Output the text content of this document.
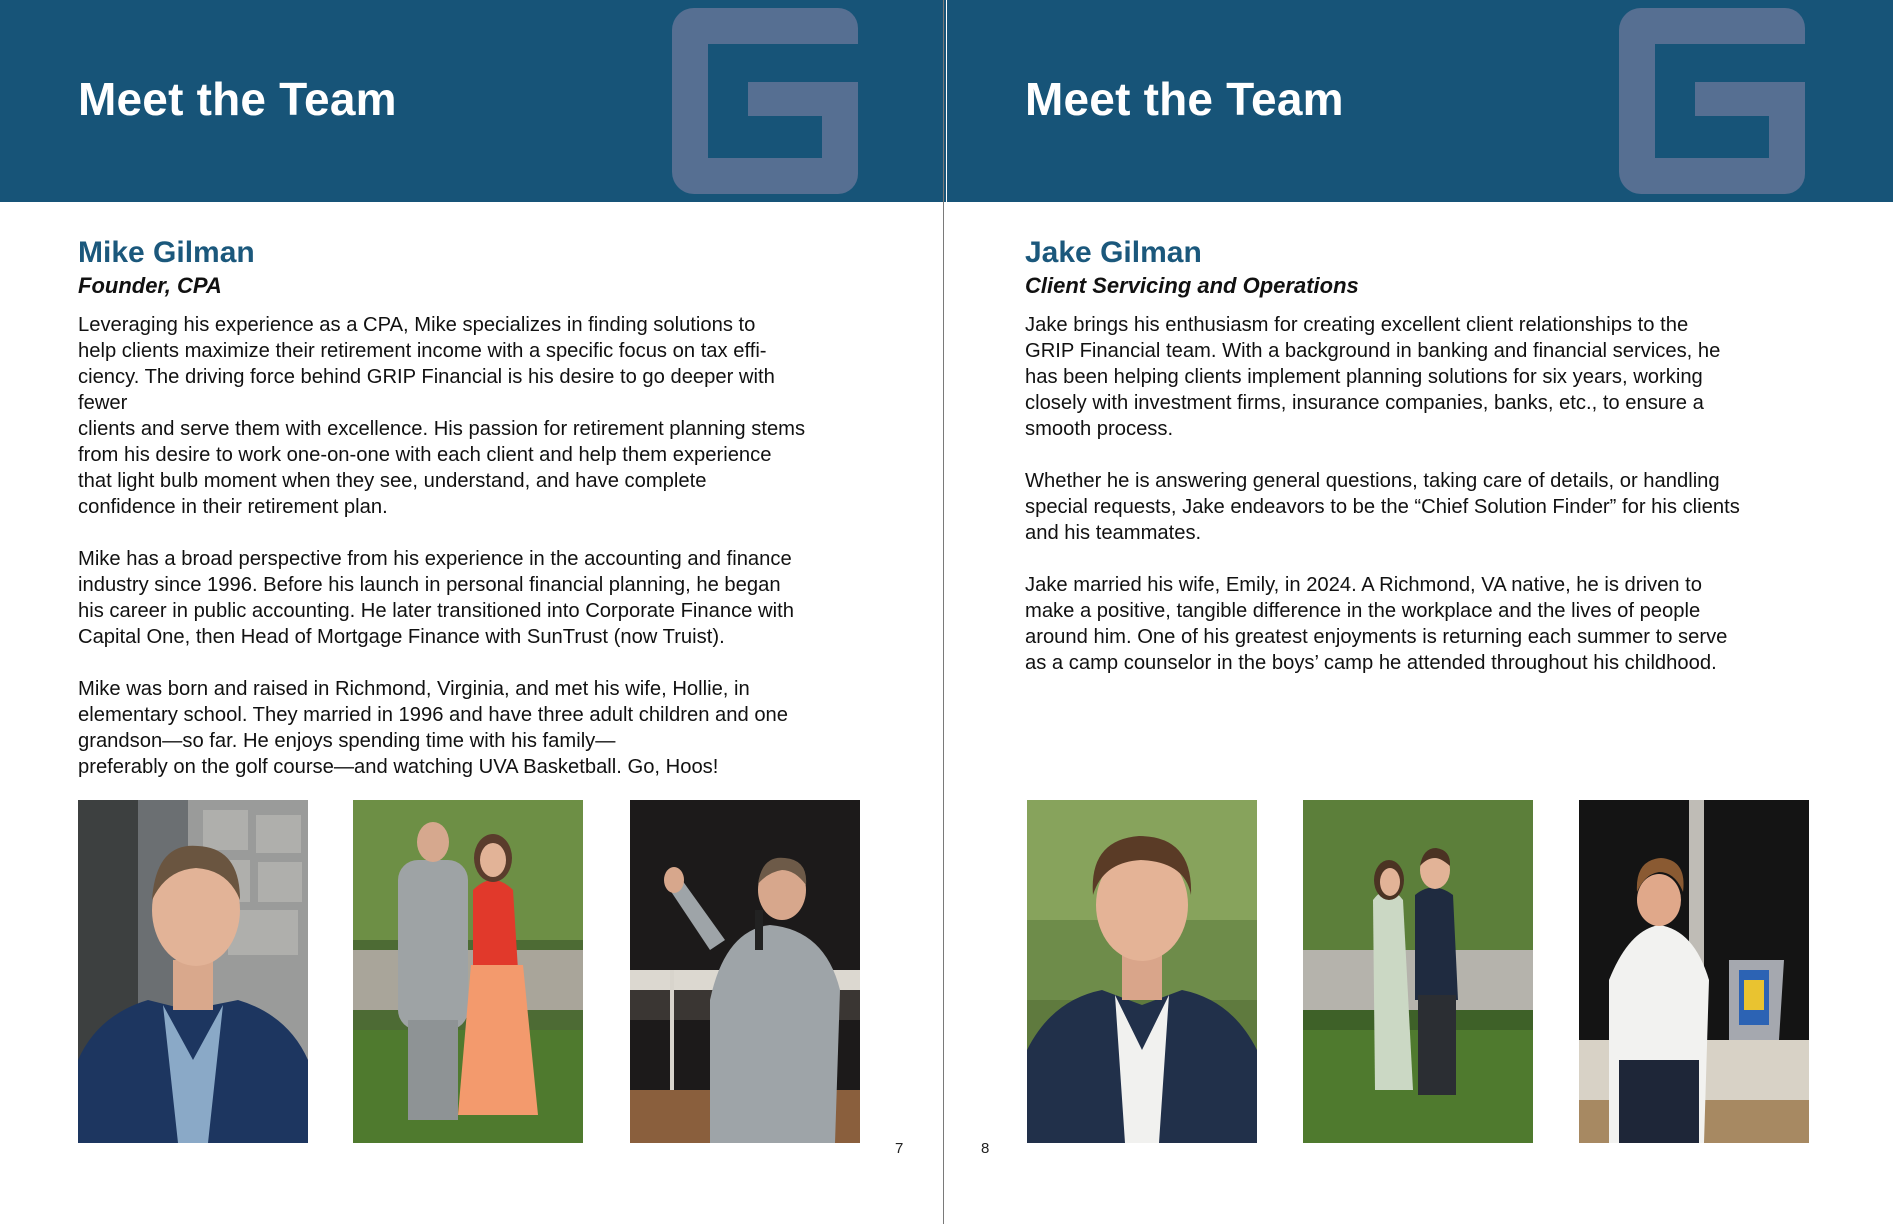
Meet the Team
Mike Gilman

Founder, CPA

Leveraging his experience as a CPA, Mike specializes in finding solutions to
help clients maximize their retirement income with a specific focus on tax effi-
ciency. The driving force behind GRIP Financial is his desire to go deeper with
fewer
clients and serve them with excellence. His passion for retirement planning stems
from his desire to work one-on-one with each client and help them experience
that light bulb moment when they see, understand, and have complete
confidence in their retirement plan.

Mike has a broad perspective from his experience in the accounting and finance
industry since 1996. Before his launch in personal financial planning, he began
his career in public accounting. He later transitioned into Corporate Finance with
Capital One, then Head of Mortgage Finance with SunTrust (now Truist).

Mike was born and raised in Richmond, Virginia, and met his wife, Hollie, in
elementary school. They married in 1996 and have three adult children and one
grandson—so far. He enjoys spending time with his family—
preferably on the golf course—and watching UVA Basketball. Go, Hoos!

7
Meet the Team
Jake Gilman

Client Servicing and Operations

Jake brings his enthusiasm for creating excellent client relationships to the
GRIP Financial team. With a background in banking and financial services, he
has been helping clients implement planning solutions for six years, working
closely with investment firms, insurance companies, banks, etc., to ensure a
smooth process.

Whether he is answering general questions, taking care of details, or handling
special requests, Jake endeavors to be the “Chief Solution Finder” for his clients
and his teammates.

Jake married his wife, Emily, in 2024. A Richmond, VA native, he is driven to
make a positive, tangible difference in the workplace and the lives of people
around him. One of his greatest enjoyments is returning each summer to serve
as a camp counselor in the boys’ camp he attended throughout his childhood.

8
